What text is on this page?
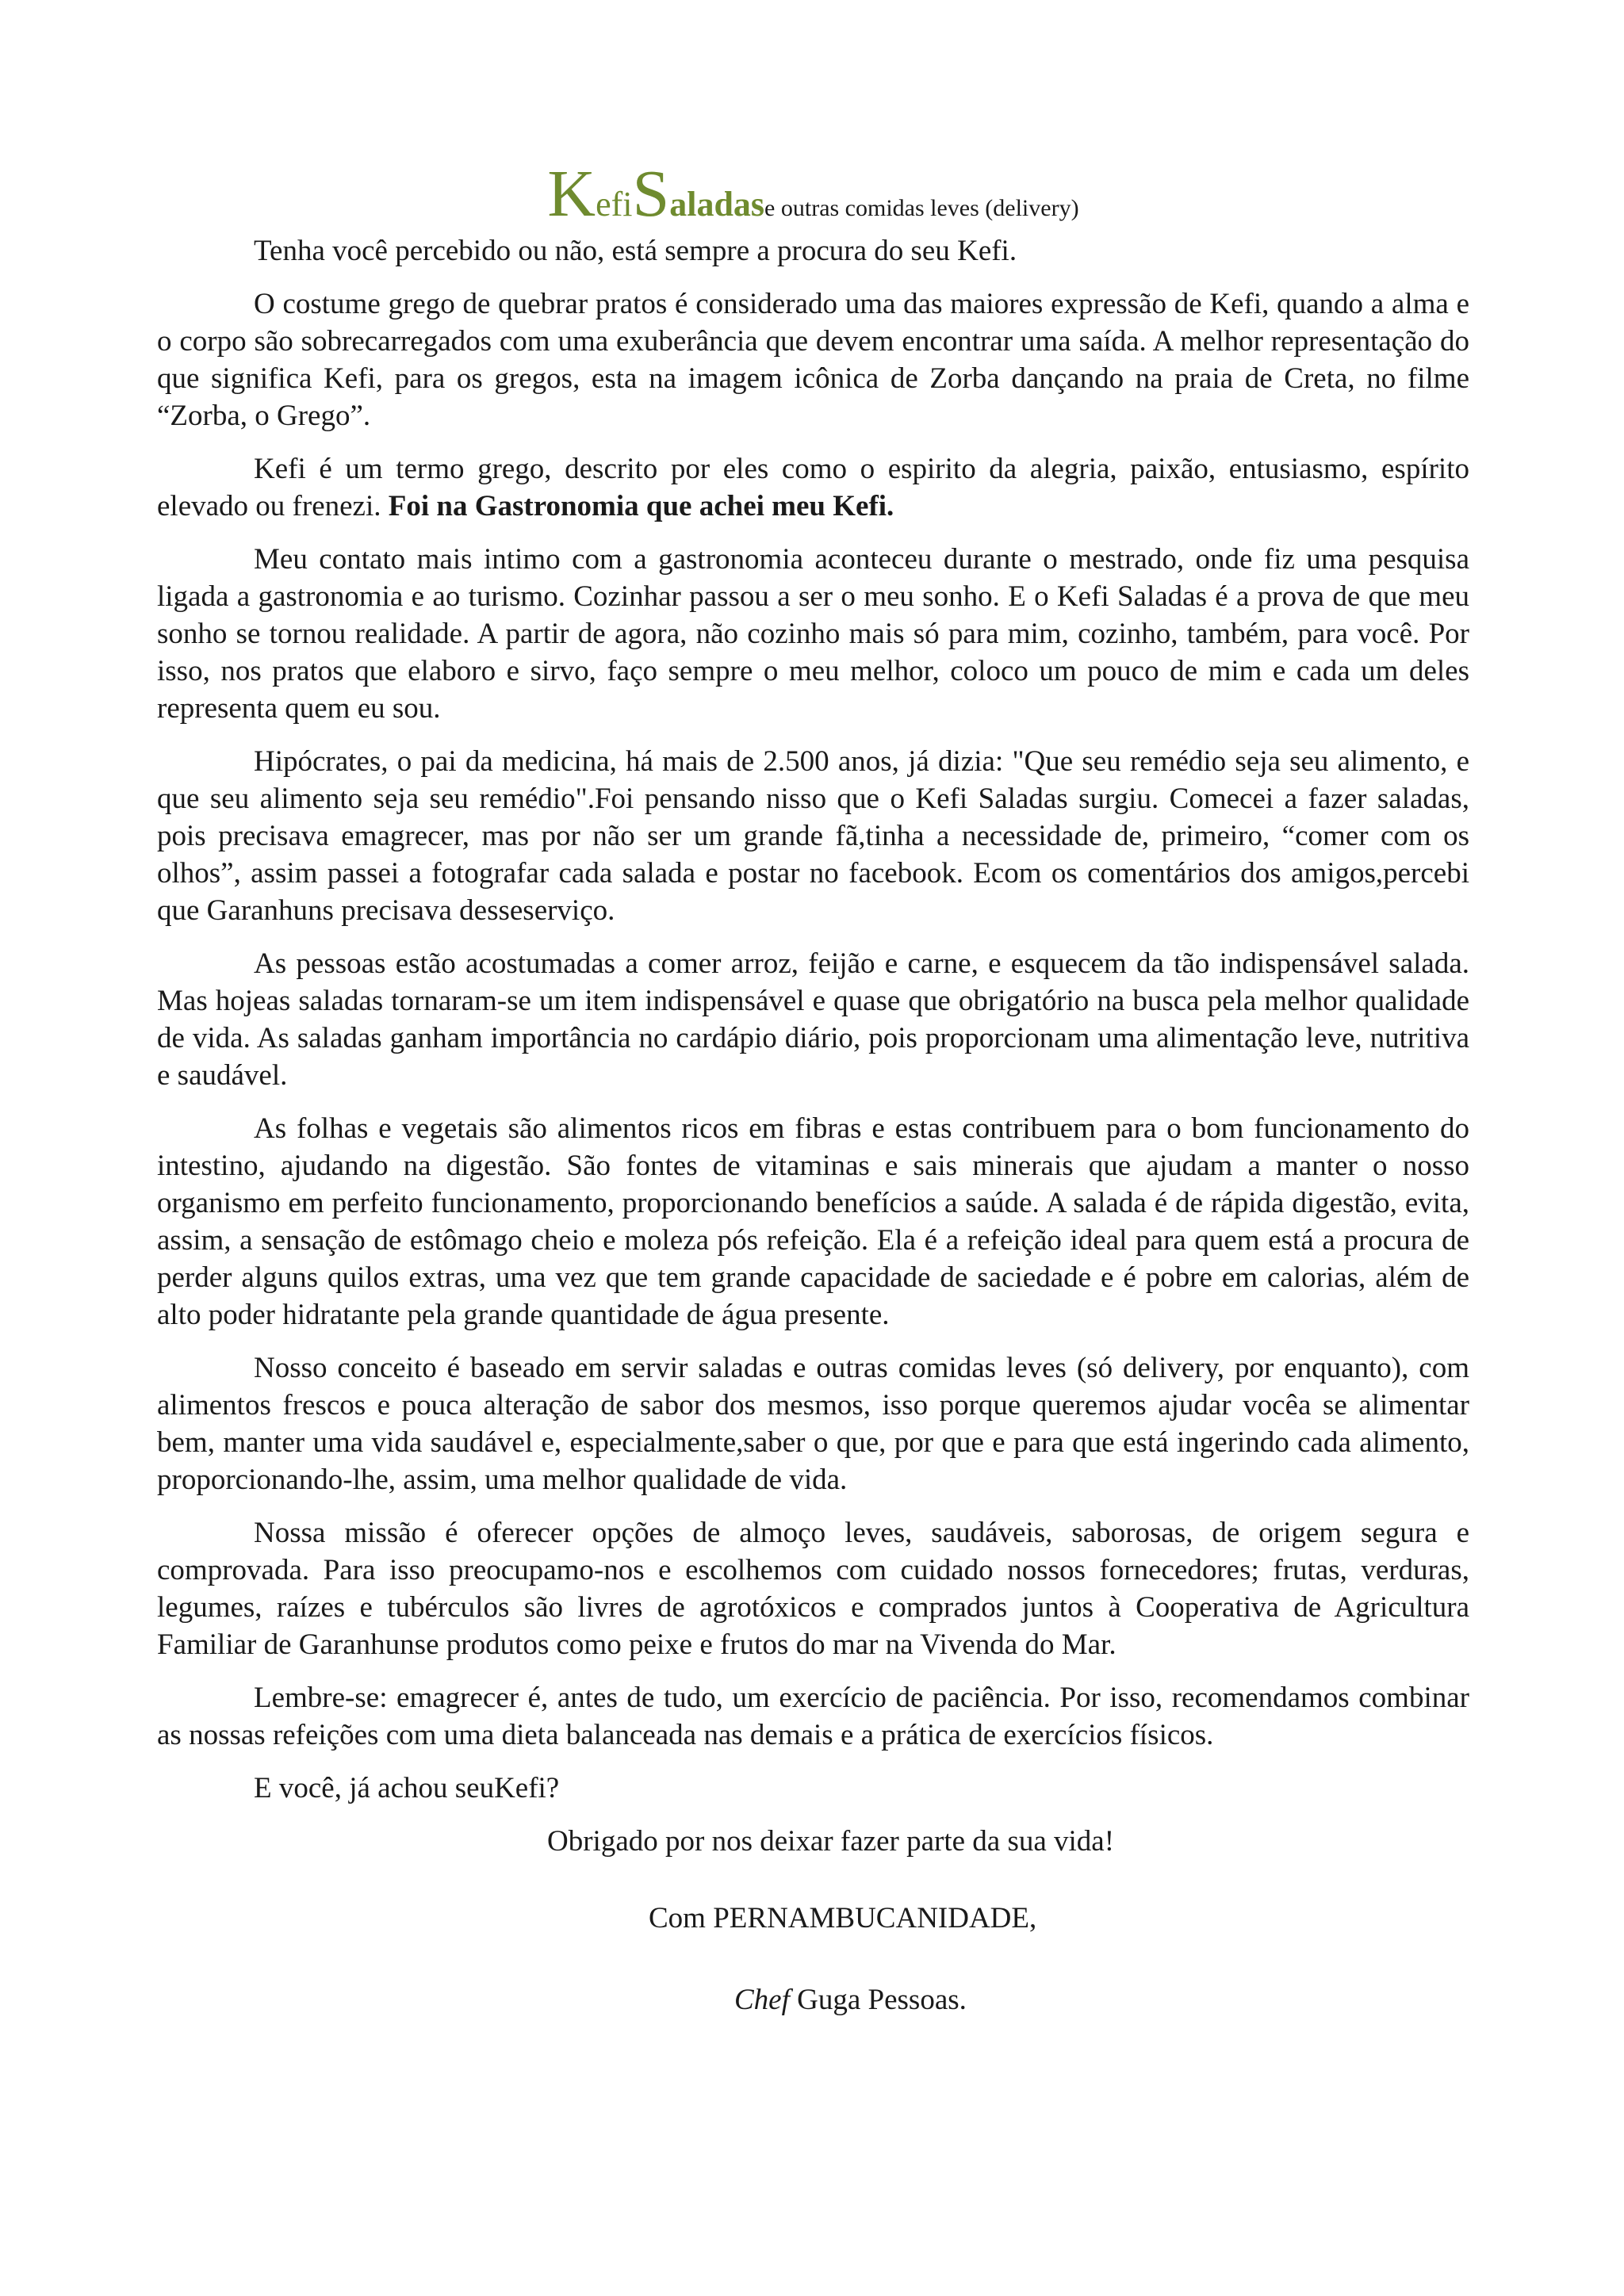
KefiSaladase outras comidas leves (delivery)

Tenha você percebido ou não, está sempre a procura do seu Kefi.

O costume grego de quebrar pratos é considerado uma das maiores expressão de Kefi, quando a alma e o corpo são sobrecarregados com uma exuberância que devem encontrar uma saída. A melhor representação do que significa Kefi, para os gregos, esta na imagem icônica de Zorba dançando na praia de Creta, no filme “Zorba, o Grego”.

Kefi é um termo grego, descrito por eles como o espirito da alegria, paixão, entusiasmo, espírito elevado ou frenezi. Foi na Gastronomia que achei meu Kefi.

Meu contato mais intimo com a gastronomia aconteceu durante o mestrado, onde fiz uma pesquisa ligada a gastronomia e ao turismo. Cozinhar passou a ser o meu sonho. E o Kefi Saladas é a prova de que meu sonho se tornou realidade. A partir de agora, não cozinho mais só para mim, cozinho, também, para você. Por isso, nos pratos que elaboro e sirvo, faço sempre o meu melhor, coloco um pouco de mim e cada um deles representa quem eu sou.

Hipócrates, o pai da medicina, há mais de 2.500 anos, já dizia: "Que seu remédio seja seu alimento, e que seu alimento seja seu remédio".Foi pensando nisso que o Kefi Saladas surgiu. Comecei a fazer saladas, pois precisava emagrecer, mas por não ser um grande fã,tinha a necessidade de, primeiro, “comer com os olhos”, assim passei a fotografar cada salada e postar no facebook. Ecom os comentários dos amigos,percebi que Garanhuns precisava desseserviço.

As pessoas estão acostumadas a comer arroz, feijão e carne, e esquecem da tão indispensável salada. Mas hojeas saladas tornaram-se um item indispensável e quase que obrigatório na busca pela melhor qualidade de vida. As saladas ganham importância no cardápio diário, pois proporcionam uma alimentação leve, nutritiva e saudável.

As folhas e vegetais são alimentos ricos em fibras e estas contribuem para o bom funcionamento do intestino, ajudando na digestão. São fontes de vitaminas e sais minerais que ajudam a manter o nosso organismo em perfeito funcionamento, proporcionando benefícios a saúde. A salada é de rápida digestão, evita, assim, a sensação de estômago cheio e moleza pós refeição. Ela é a refeição ideal para quem está a procura de perder alguns quilos extras, uma vez que tem grande capacidade de saciedade e é pobre em calorias, além de alto poder hidratante pela grande quantidade de água presente.

Nosso conceito é baseado em servir saladas e outras comidas leves (só delivery, por enquanto), com alimentos frescos e pouca alteração de sabor dos mesmos, isso porque queremos ajudar vocêa se alimentar bem, manter uma vida saudável e, especialmente,saber o que, por que e para que está ingerindo cada alimento, proporcionando-lhe, assim, uma melhor qualidade de vida.

Nossa missão é oferecer opções de almoço leves, saudáveis, saborosas, de origem segura e comprovada. Para isso preocupamo-nos e escolhemos com cuidado nossos fornecedores; frutas, verduras, legumes, raízes e tubérculos são livres de agrotóxicos e comprados juntos à Cooperativa de Agricultura Familiar de Garanhunse produtos como peixe e frutos do mar na Vivenda do Mar.

Lembre-se: emagrecer é, antes de tudo, um exercício de paciência. Por isso, recomendamos combinar as nossas refeições com uma dieta balanceada nas demais e a prática de exercícios físicos.

E você, já achou seuKefi?

Obrigado por nos deixar fazer parte da sua vida!
Com PERNAMBUCANIDADE,
Chef Guga Pessoas.
